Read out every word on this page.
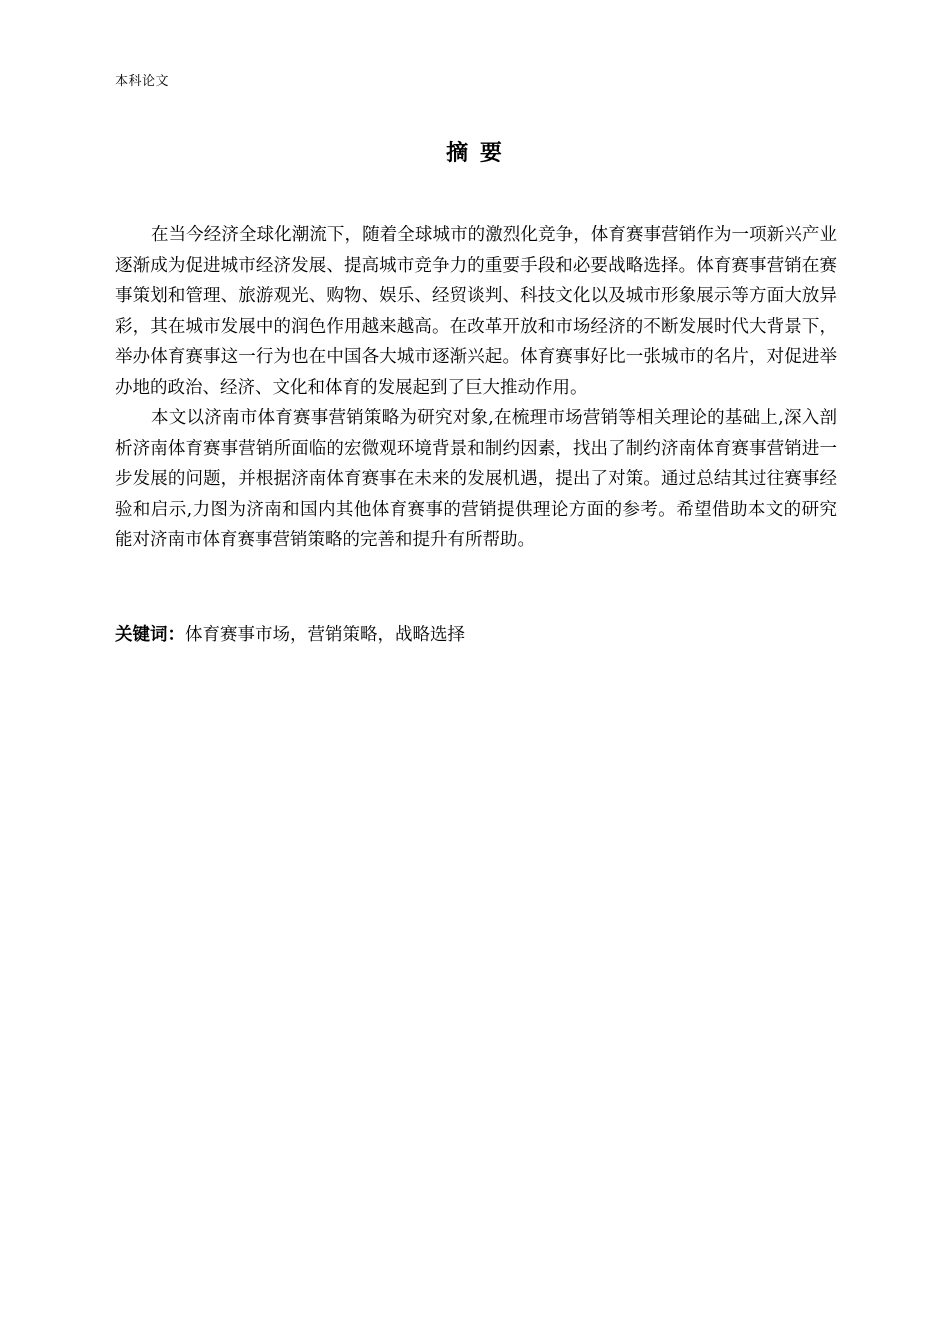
本科论文
摘 要

在当今经济全球化潮流下，随着全球城市的激烈化竞争，体育赛事营销作为一项新兴产业逐渐成为促进城市经济发展、提高城市竞争力的重要手段和必要战略选择。体育赛事营销在赛事策划和管理、旅游观光、购物、娱乐、经贸谈判、科技文化以及城市形象展示等方面大放异彩，其在城市发展中的润色作用越来越高。在改革开放和市场经济的不断发展时代大背景下，举办体育赛事这一行为也在中国各大城市逐渐兴起。体育赛事好比一张城市的名片，对促进举办地的政治、经济、文化和体育的发展起到了巨大推动作用。

本文以济南市体育赛事营销策略为研究对象,在梳理市场营销等相关理论的基础上,深入剖析济南体育赛事营销所面临的宏微观环境背景和制约因素，找出了制约济南体育赛事营销进一步发展的问题，并根据济南体育赛事在未来的发展机遇，提出了对策。通过总结其过往赛事经验和启示,力图为济南和国内其他体育赛事的营销提供理论方面的参考。希望借助本文的研究能对济南市体育赛事营销策略的完善和提升有所帮助。

关键词：体育赛事市场，营销策略，战略选择
